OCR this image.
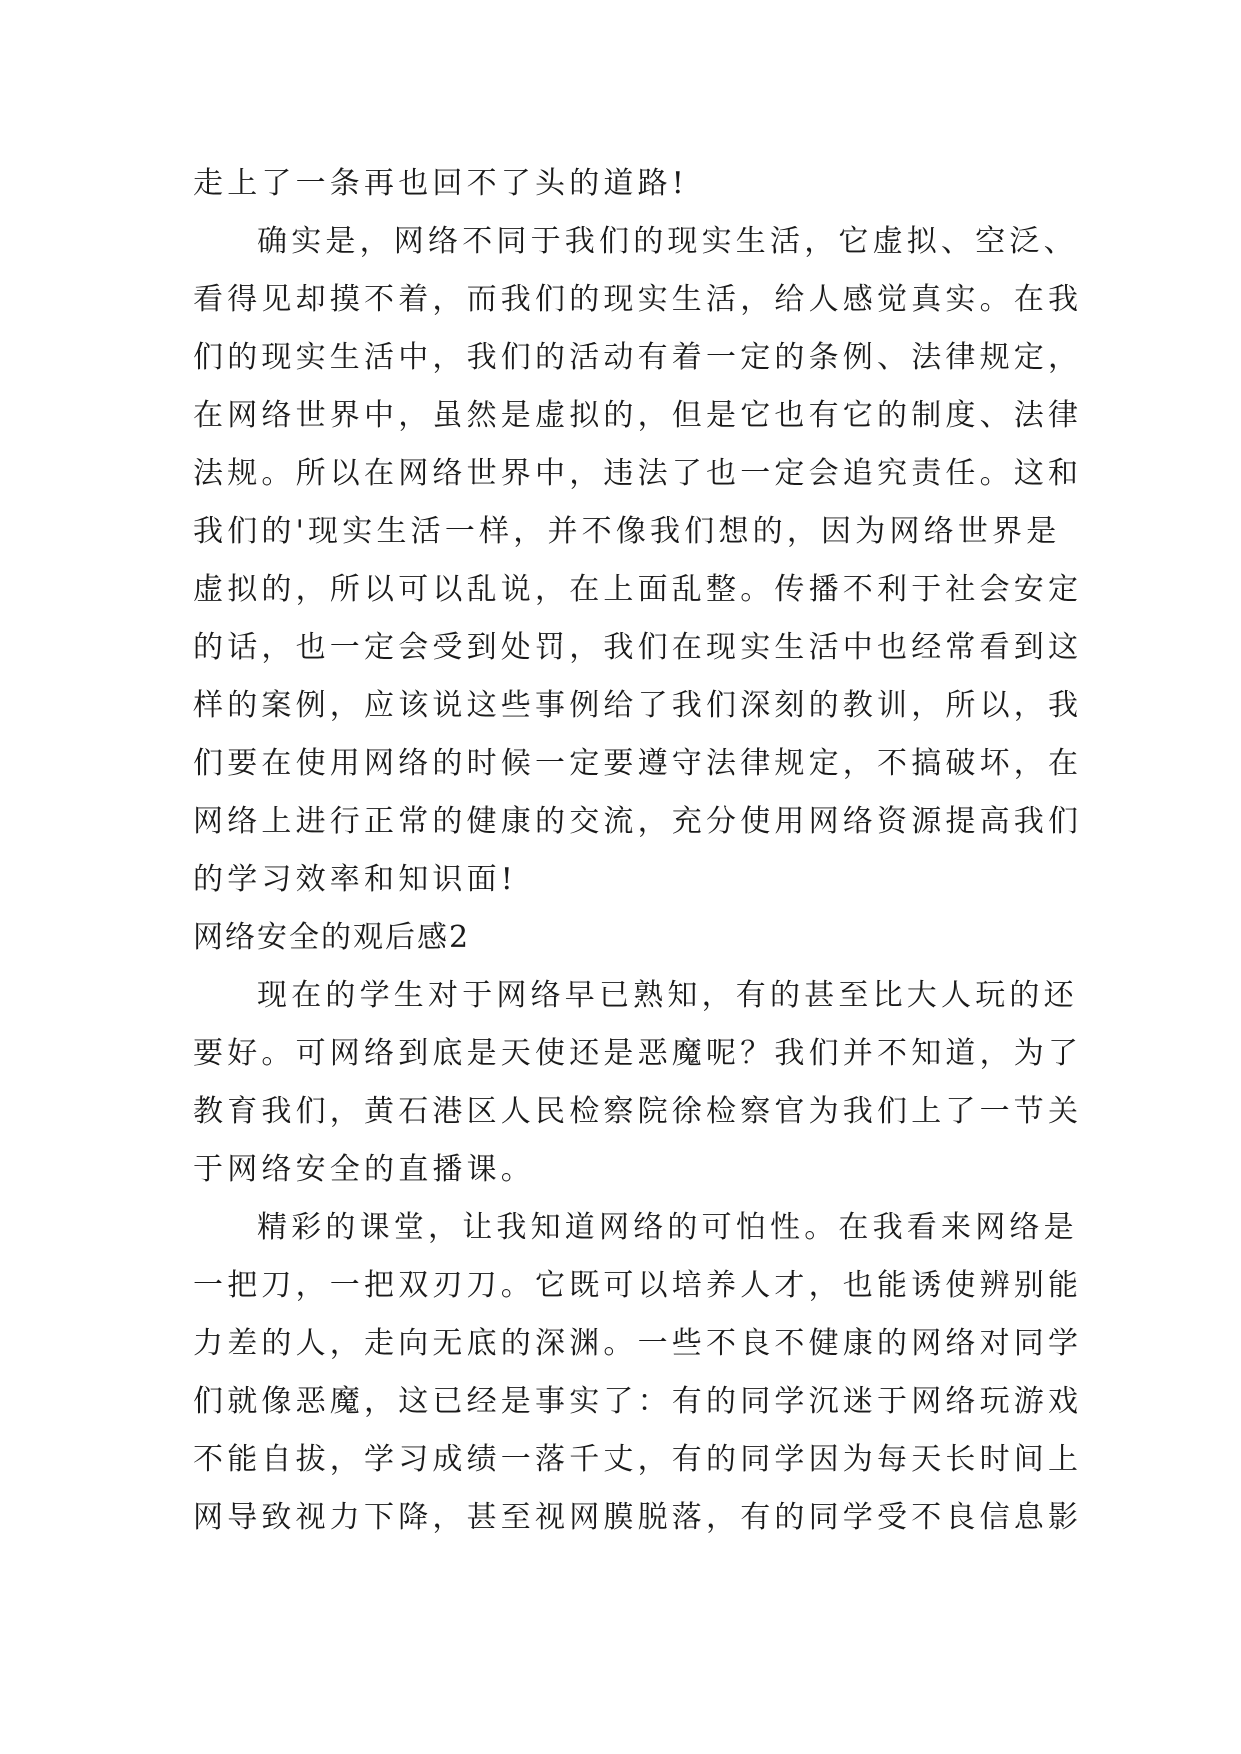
走上了一条再也回不了头的道路!
确实是，网络不同于我们的现实生活，它虚拟、空泛、
看得见却摸不着，而我们的现实生活，给人感觉真实。在我
们的现实生活中，我们的活动有着一定的条例、法律规定，
在网络世界中，虽然是虚拟的，但是它也有它的制度、法律
法规。所以在网络世界中，违法了也一定会追究责任。这和
我们的'现实生活一样，并不像我们想的，因为网络世界是
虚拟的，所以可以乱说，在上面乱整。传播不利于社会安定
的话，也一定会受到处罚，我们在现实生活中也经常看到这
样的案例，应该说这些事例给了我们深刻的教训，所以，我
们要在使用网络的时候一定要遵守法律规定，不搞破坏，在
网络上进行正常的健康的交流，充分使用网络资源提高我们
的学习效率和知识面!
网络安全的观后感2
现在的学生对于网络早已熟知，有的甚至比大人玩的还
要好。可网络到底是天使还是恶魔呢？我们并不知道，为了
教育我们，黄石港区人民检察院徐检察官为我们上了一节关
于网络安全的直播课。
精彩的课堂，让我知道网络的可怕性。在我看来网络是
一把刀，一把双刃刀。它既可以培养人才，也能诱使辨别能
力差的人，走向无底的深渊。一些不良不健康的网络对同学
们就像恶魔，这已经是事实了：有的同学沉迷于网络玩游戏
不能自拔，学习成绩一落千丈，有的同学因为每天长时间上
网导致视力下降，甚至视网膜脱落，有的同学受不良信息影
